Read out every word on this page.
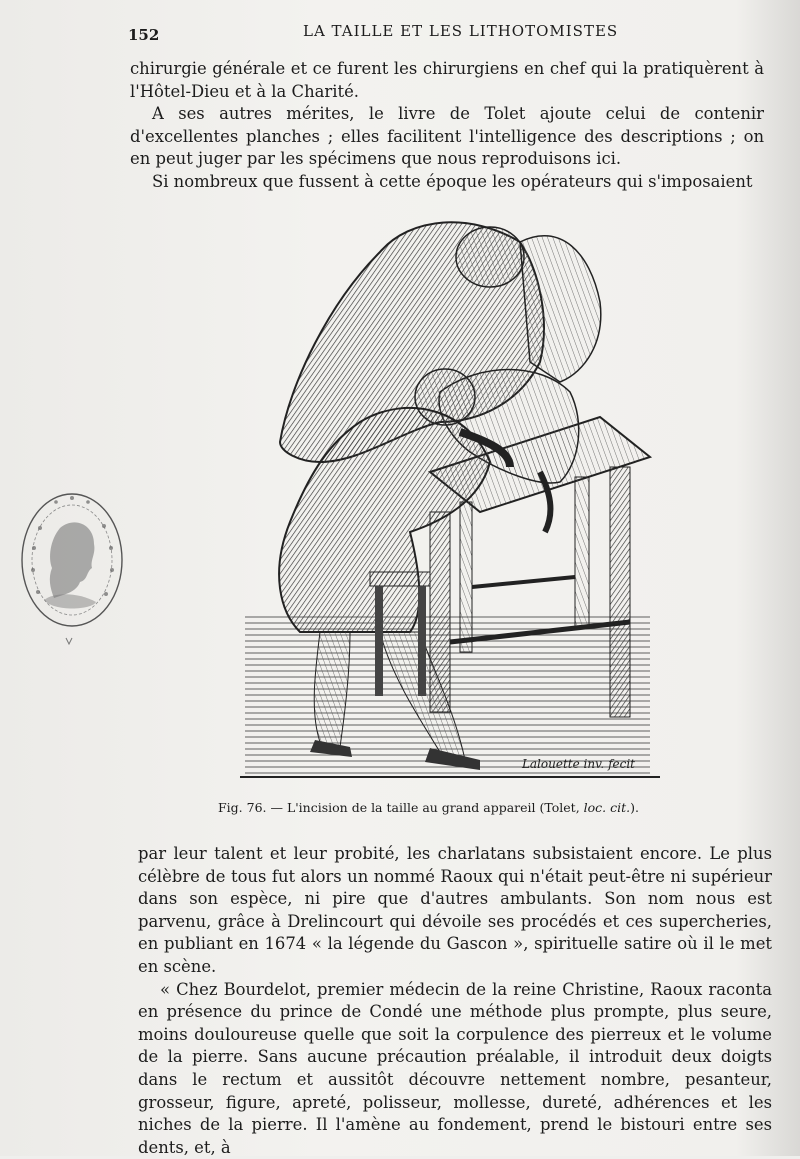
152	LA TAILLE ET LES LITHOTOMISTES

chirurgie générale et ce furent les chirurgiens en chef qui la pratiquèrent à l'Hôtel-Dieu et à la Charité.

A ses autres mérites, le livre de Tolet ajoute celui de contenir d'excellentes planches ; elles facilitent l'intelligence des descriptions ; on en peut juger par les spécimens que nous reproduisons ici.

Si nombreux que fussent à cette époque les opérateurs qui s'imposaient

Lalouette inv. fecit
Fig. 76. — L'incision de la taille au grand appareil (Tolet, loc. cit.).

par leur talent et leur probité, les charlatans subsistaient encore. Le plus célèbre de tous fut alors un nommé Raoux qui n'était peut-être ni supérieur dans son espèce, ni pire que d'autres ambulants. Son nom nous est parvenu, grâce à Drelincourt qui dévoile ses procédés et ces supercheries, en publiant en 1674 « la légende du Gascon », spirituelle satire où il le met en scène.

« Chez Bourdelot, premier médecin de la reine Christine, Raoux raconta en présence du prince de Condé une méthode plus prompte, plus seure, moins douloureuse quelle que soit la corpulence des pierreux et le volume de la pierre. Sans aucune précaution préalable, il introduit deux doigts dans le rectum et aussitôt découvre nettement nombre, pesanteur, grosseur, figure, apreté, polisseur, mollesse, dureté, adhérences et les niches de la pierre. Il l'amène au fondement, prend le bistouri entre ses dents, et, à
